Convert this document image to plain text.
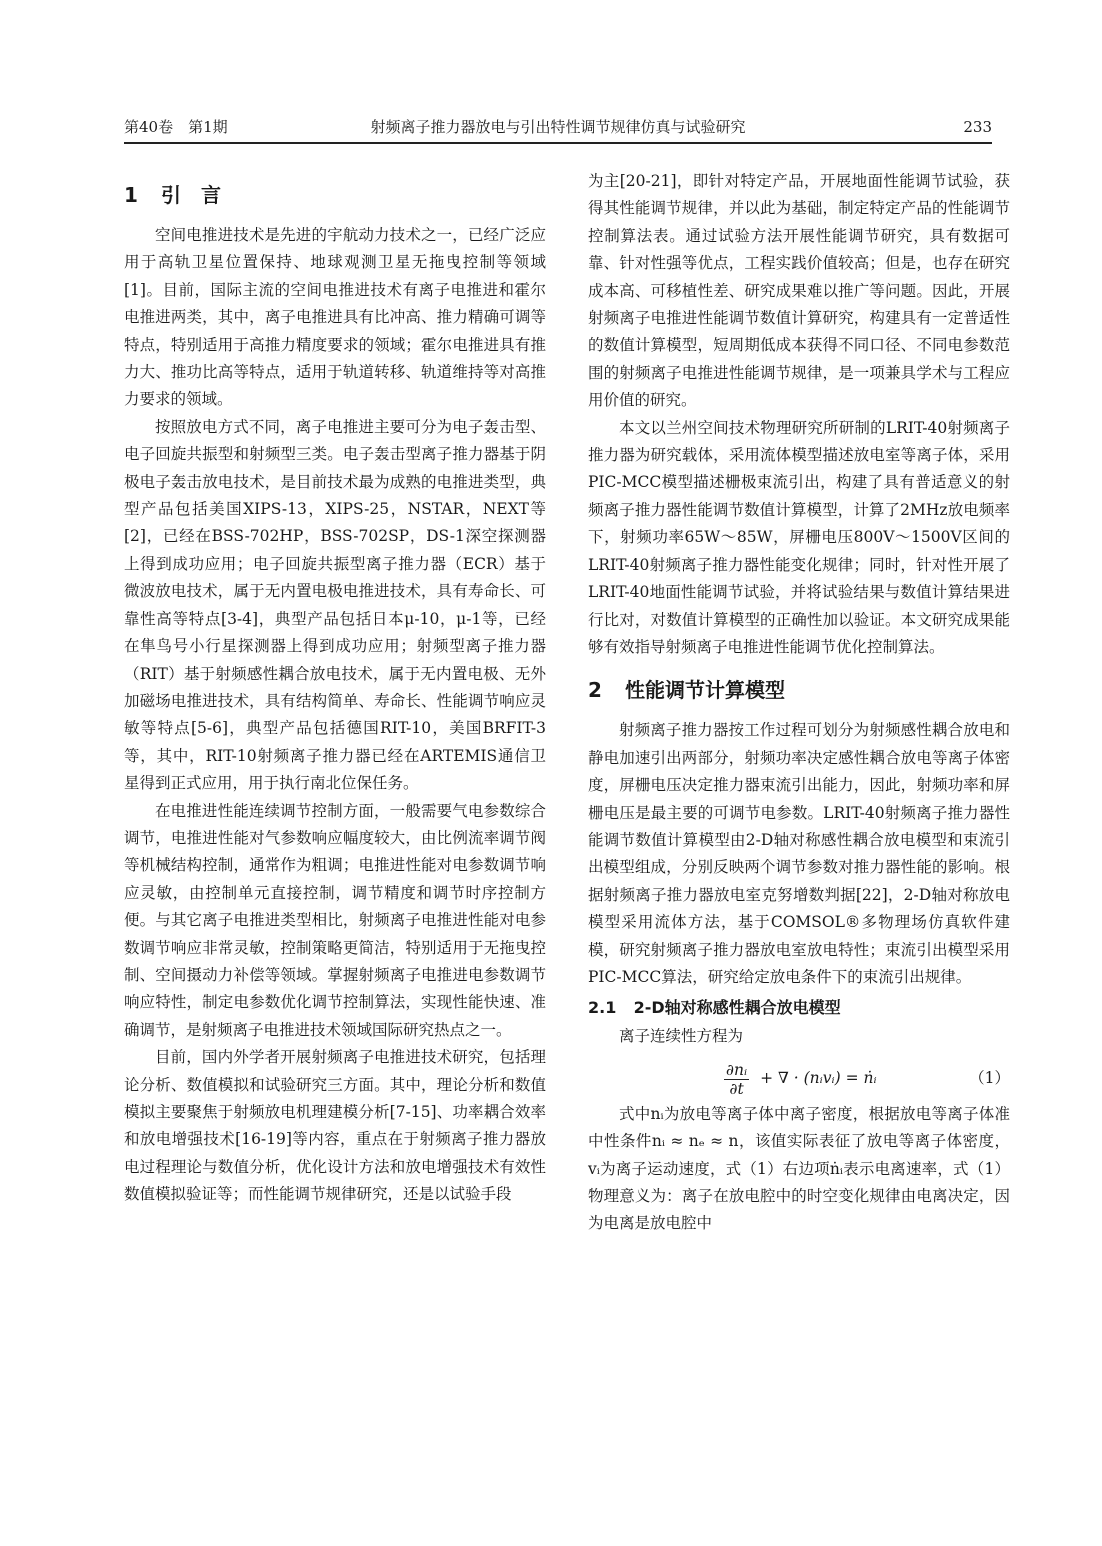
第40卷　第1期	射频离子推力器放电与引出特性调节规律仿真与试验研究	233
1 引　言

空间电推进技术是先进的宇航动力技术之一，已经广泛应用于高轨卫星位置保持、地球观测卫星无拖曳控制等领域[1]。目前，国际主流的空间电推进技术有离子电推进和霍尔电推进两类，其中，离子电推进具有比冲高、推力精确可调等特点，特别适用于高推力精度要求的领域；霍尔电推进具有推力大、推功比高等特点，适用于轨道转移、轨道维持等对高推力要求的领域。

按照放电方式不同，离子电推进主要可分为电子轰击型、电子回旋共振型和射频型三类。电子轰击型离子推力器基于阴极电子轰击放电技术，是目前技术最为成熟的电推进类型，典型产品包括美国XIPS-13，XIPS-25，NSTAR，NEXT等[2]，已经在BSS-702HP，BSS-702SP，DS-1深空探测器上得到成功应用；电子回旋共振型离子推力器（ECR）基于微波放电技术，属于无内置电极电推进技术，具有寿命长、可靠性高等特点[3-4]，典型产品包括日本μ-10，μ-1等，已经在隼鸟号小行星探测器上得到成功应用；射频型离子推力器（RIT）基于射频感性耦合放电技术，属于无内置电极、无外加磁场电推进技术，具有结构简单、寿命长、性能调节响应灵敏等特点[5-6]，典型产品包括德国RIT-10，美国BRFIT-3等，其中，RIT-10射频离子推力器已经在ARTEMIS通信卫星得到正式应用，用于执行南北位保任务。

在电推进性能连续调节控制方面，一般需要气电参数综合调节，电推进性能对气参数响应幅度较大，由比例流率调节阀等机械结构控制，通常作为粗调；电推进性能对电参数调节响应灵敏，由控制单元直接控制，调节精度和调节时序控制方便。与其它离子电推进类型相比，射频离子电推进性能对电参数调节响应非常灵敏，控制策略更简洁，特别适用于无拖曳控制、空间摄动力补偿等领域。掌握射频离子电推进电参数调节响应特性，制定电参数优化调节控制算法，实现性能快速、准确调节，是射频离子电推进技术领域国际研究热点之一。

目前，国内外学者开展射频离子电推进技术研究，包括理论分析、数值模拟和试验研究三方面。其中，理论分析和数值模拟主要聚焦于射频放电机理建模分析[7-15]、功率耦合效率和放电增强技术[16-19]等内容，重点在于射频离子推力器放电过程理论与数值分析，优化设计方法和放电增强技术有效性数值模拟验证等；而性能调节规律研究，还是以试验手段

为主[20-21]，即针对特定产品，开展地面性能调节试验，获得其性能调节规律，并以此为基础，制定特定产品的性能调节控制算法表。通过试验方法开展性能调节研究，具有数据可靠、针对性强等优点，工程实践价值较高；但是，也存在研究成本高、可移植性差、研究成果难以推广等问题。因此，开展射频离子电推进性能调节数值计算研究，构建具有一定普适性的数值计算模型，短周期低成本获得不同口径、不同电参数范围的射频离子电推进性能调节规律，是一项兼具学术与工程应用价值的研究。

本文以兰州空间技术物理研究所研制的LRIT-40射频离子推力器为研究载体，采用流体模型描述放电室等离子体，采用PIC-MCC模型描述栅极束流引出，构建了具有普适意义的射频离子推力器性能调节数值计算模型，计算了2MHz放电频率下，射频功率65W～85W，屏栅电压800V～1500V区间的LRIT-40射频离子推力器性能变化规律；同时，针对性开展了LRIT-40地面性能调节试验，并将试验结果与数值计算结果进行比对，对数值计算模型的正确性加以验证。本文研究成果能够有效指导射频离子电推进性能调节优化控制算法。

2 性能调节计算模型

射频离子推力器按工作过程可划分为射频感性耦合放电和静电加速引出两部分，射频功率决定感性耦合放电等离子体密度，屏栅电压决定推力器束流引出能力，因此，射频功率和屏栅电压是最主要的可调节电参数。LRIT-40射频离子推力器性能调节数值计算模型由2-D轴对称感性耦合放电模型和束流引出模型组成，分别反映两个调节参数对推力器性能的影响。根据射频离子推力器放电室克努增数判据[22]，2-D轴对称放电模型采用流体方法，基于COMSOL®多物理场仿真软件建模，研究射频离子推力器放电室放电特性；束流引出模型采用PIC-MCC算法，研究给定放电条件下的束流引出规律。

2.1 2-D轴对称感性耦合放电模型

离子连续性方程为

$\frac{\text{∂nᵢ}}{\partial t}$ + ∇ · (nᵢvᵢ) = ṅᵢ	（1）

式中nᵢ为放电等离子体中离子密度，根据放电等离子体准中性条件nᵢ ≈ nₑ ≈ n，该值实际表征了放电等离子体密度，vᵢ为离子运动速度，式（1）右边项ṅᵢ表示电离速率，式（1）物理意义为：离子在放电腔中的时空变化规律由电离决定，因为电离是放电腔中
